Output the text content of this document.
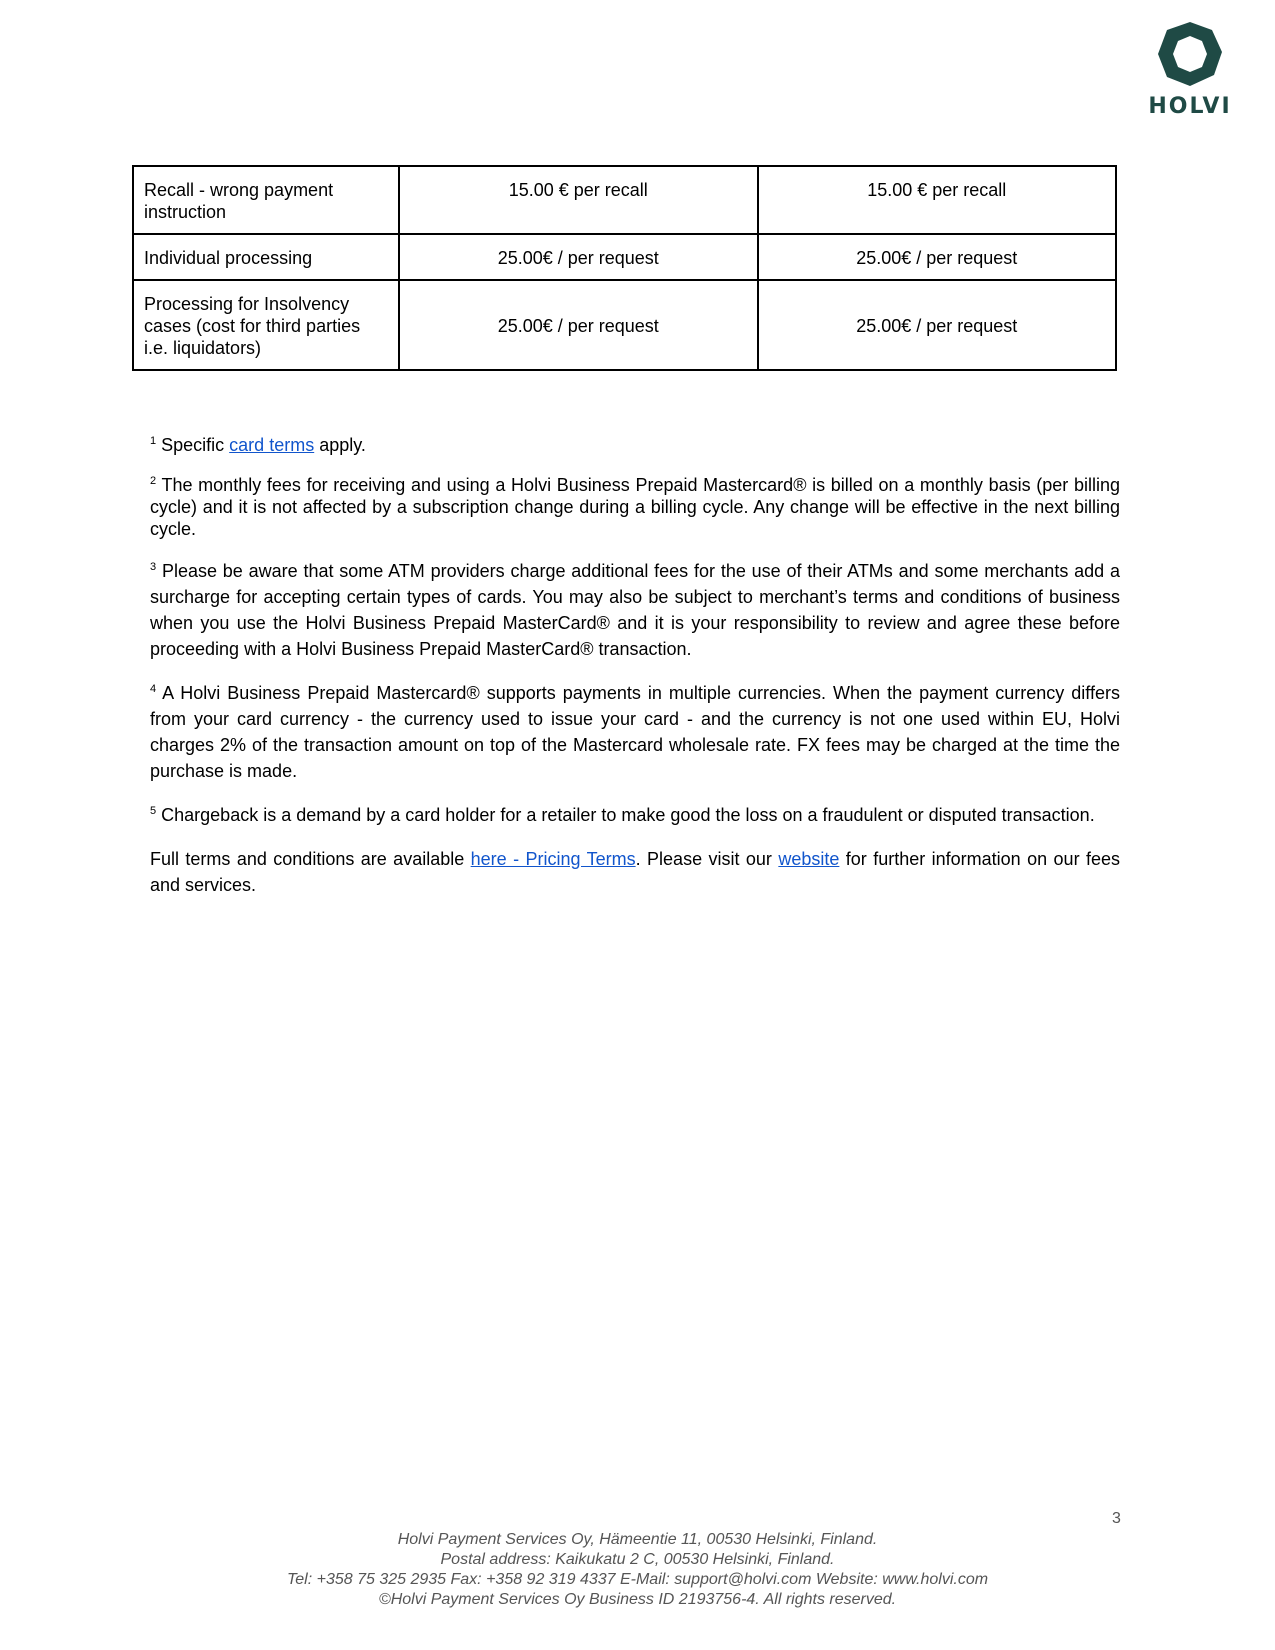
HOLVI
Recall - wrong payment instruction	15.00 € per recall	15.00 € per recall
Individual processing	25.00€ / per request	25.00€ / per request
Processing for Insolvency cases (cost for third parties i.e. liquidators)	25.00€ / per request	25.00€ / per request

$^1$ Specific card terms apply.

$^2$ The monthly fees for receiving and using a Holvi Business Prepaid Mastercard® is billed on a monthly basis (per billing cycle) and it is not affected by a subscription change during a billing cycle. Any change will be effective in the next billing cycle.

$^3$ Please be aware that some ATM providers charge additional fees for the use of their ATMs and some merchants add a surcharge for accepting certain types of cards. You may also be subject to merchant’s terms and conditions of business when you use the Holvi Business Prepaid MasterCard® and it is your responsibility to review and agree these before proceeding with a Holvi Business Prepaid MasterCard® transaction.

$^4$ A Holvi Business Prepaid Mastercard® supports payments in multiple currencies. When the payment currency differs from your card currency - the currency used to issue your card - and the currency is not one used within EU, Holvi charges 2% of the transaction amount on top of the Mastercard wholesale rate. FX fees may be charged at the time the purchase is made.

$^5$ Chargeback is a demand by a card holder for a retailer to make good the loss on a fraudulent or disputed transaction.

Full terms and conditions are available here - Pricing Terms. Please visit our website for further information on our fees and services.

3
Holvi Payment Services Oy, Hämeentie 11, 00530 Helsinki, Finland.
Postal address: Kaikukatu 2 C, 00530 Helsinki, Finland.
Tel: +358 75 325 2935 Fax: +358 92 319 4337 E-Mail: support@holvi.com Website: www.holvi.com
©Holvi Payment Services Oy Business ID 2193756-4. All rights reserved.
